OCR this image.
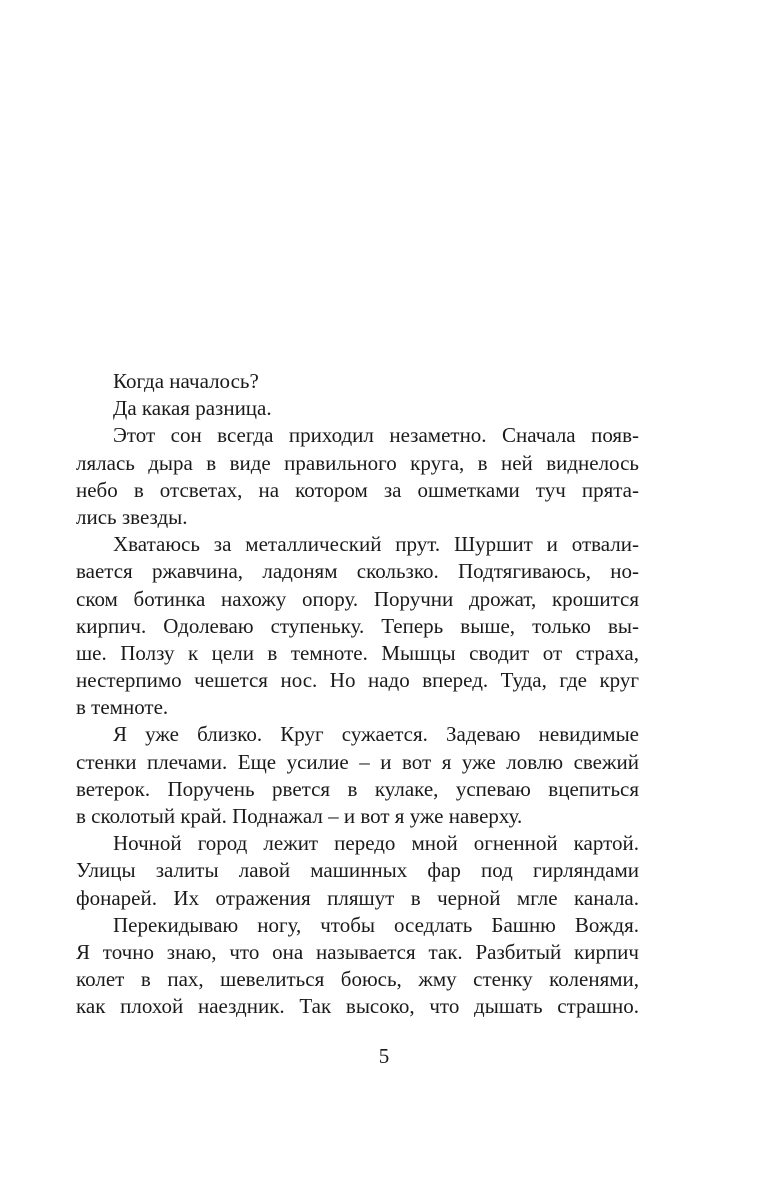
Когда началось?
Да какая разница.
Этот сон всегда приходил незаметно. Сначала появ-
лялась дыра в виде правильного круга, в ней виднелось
небо в отсветах, на котором за ошметками туч прята-
лись звезды.
Хватаюсь за металлический прут. Шуршит и отвали-
вается ржавчина, ладоням скользко. Подтягиваюсь, но-
ском ботинка нахожу опору. Поручни дрожат, крошится
кирпич. Одолеваю ступеньку. Теперь выше, только вы-
ше. Ползу к цели в темноте. Мышцы сводит от страха,
нестерпимо чешется нос. Но надо вперед. Туда, где круг
в темноте.
Я уже близко. Круг сужается. Задеваю невидимые
стенки плечами. Еще усилие – и вот я уже ловлю свежий
ветерок. Поручень рвется в кулаке, успеваю вцепиться
в сколотый край. Поднажал – и вот я уже наверху.
Ночной город лежит передо мной огненной картой.
Улицы залиты лавой машинных фар под гирляндами
фонарей. Их отражения пляшут в черной мгле канала.
Перекидываю ногу, чтобы оседлать Башню Вождя.
Я точно знаю, что она называется так. Разбитый кирпич
колет в пах, шевелиться боюсь, жму стенку коленями,
как плохой наездник. Так высоко, что дышать страшно.
5
